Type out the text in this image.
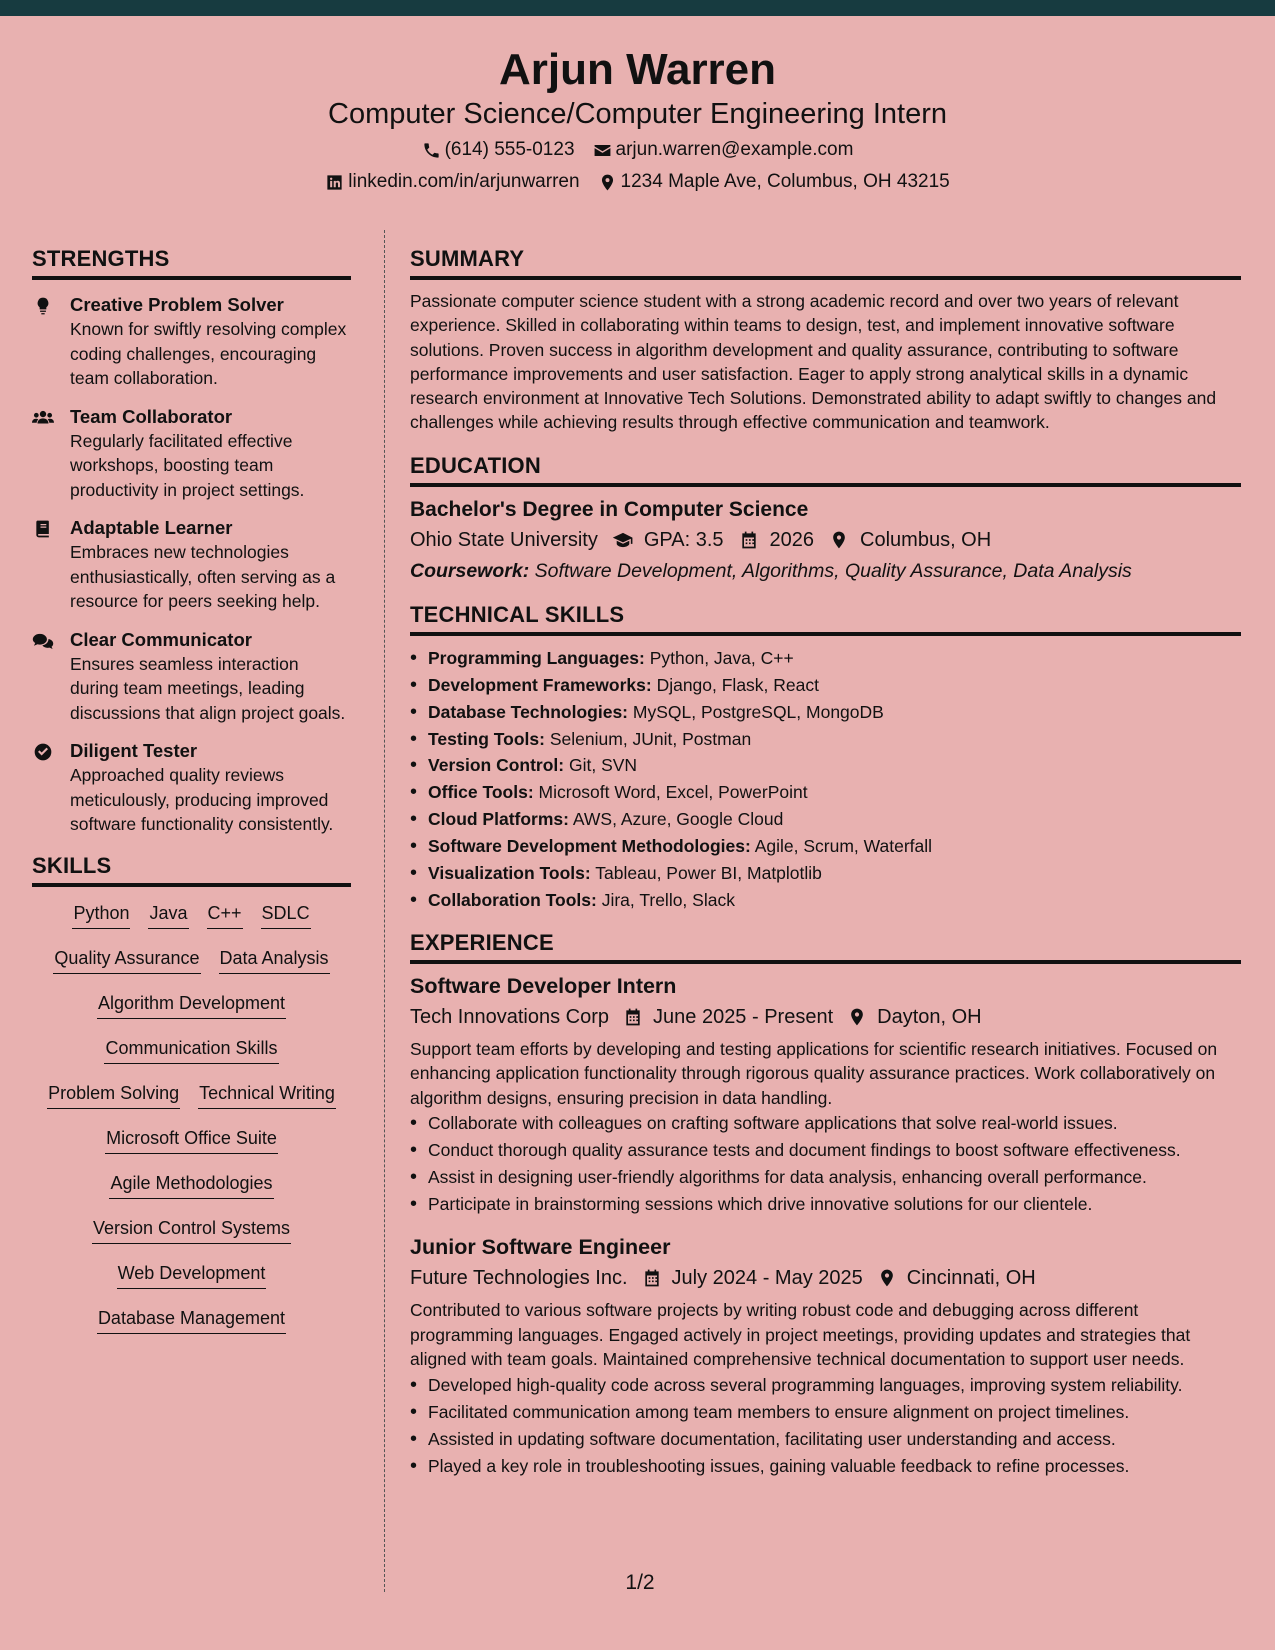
Arjun Warren
Computer Science/Computer Engineering Intern
(614) 555-0123 arjun.warren@example.com
linkedin.com/in/arjunwarren 1234 Maple Ave, Columbus, OH 43215
STRENGTHS
Creative Problem Solver
Known for swiftly resolving complex coding challenges, encouraging team collaboration.
Team Collaborator
Regularly facilitated effective workshops, boosting team productivity in project settings.
Adaptable Learner
Embraces new technologies enthusiastically, often serving as a resource for peers seeking help.
Clear Communicator
Ensures seamless interaction during team meetings, leading discussions that align project goals.
Diligent Tester
Approached quality reviews meticulously, producing improved software functionality consistently.
SKILLS
Python Java C++ SDLC
Quality Assurance Data Analysis
Algorithm Development
Communication Skills
Problem Solving Technical Writing
Microsoft Office Suite
Agile Methodologies
Version Control Systems
Web Development
Database Management
SUMMARY
Passionate computer science student with a strong academic record and over two years of relevant experience. Skilled in collaborating within teams to design, test, and implement innovative software solutions. Proven success in algorithm development and quality assurance, contributing to software performance improvements and user satisfaction. Eager to apply strong analytical skills in a dynamic research environment at Innovative Tech Solutions. Demonstrated ability to adapt swiftly to changes and challenges while achieving results through effective communication and teamwork.
EDUCATION
Bachelor's Degree in Computer Science
Ohio State University GPA: 3.5 2026 Columbus, OH
Coursework: Software Development, Algorithms, Quality Assurance, Data Analysis
TECHNICAL SKILLS
• Programming Languages: Python, Java, C++
• Development Frameworks: Django, Flask, React
• Database Technologies: MySQL, PostgreSQL, MongoDB
• Testing Tools: Selenium, JUnit, Postman
• Version Control: Git, SVN
• Office Tools: Microsoft Word, Excel, PowerPoint
• Cloud Platforms: AWS, Azure, Google Cloud
• Software Development Methodologies: Agile, Scrum, Waterfall
• Visualization Tools: Tableau, Power BI, Matplotlib
• Collaboration Tools: Jira, Trello, Slack
EXPERIENCE
Software Developer Intern
Tech Innovations Corp June 2025 - Present Dayton, OH
Support team efforts by developing and testing applications for scientific research initiatives. Focused on enhancing application functionality through rigorous quality assurance practices. Work collaboratively on algorithm designs, ensuring precision in data handling.
• Collaborate with colleagues on crafting software applications that solve real-world issues.
• Conduct thorough quality assurance tests and document findings to boost software effectiveness.
• Assist in designing user-friendly algorithms for data analysis, enhancing overall performance.
• Participate in brainstorming sessions which drive innovative solutions for our clientele.
Junior Software Engineer
Future Technologies Inc. July 2024 - May 2025 Cincinnati, OH
Contributed to various software projects by writing robust code and debugging across different programming languages. Engaged actively in project meetings, providing updates and strategies that aligned with team goals. Maintained comprehensive technical documentation to support user needs.
• Developed high-quality code across several programming languages, improving system reliability.
• Facilitated communication among team members to ensure alignment on project timelines.
• Assisted in updating software documentation, facilitating user understanding and access.
• Played a key role in troubleshooting issues, gaining valuable feedback to refine processes.
1/2
